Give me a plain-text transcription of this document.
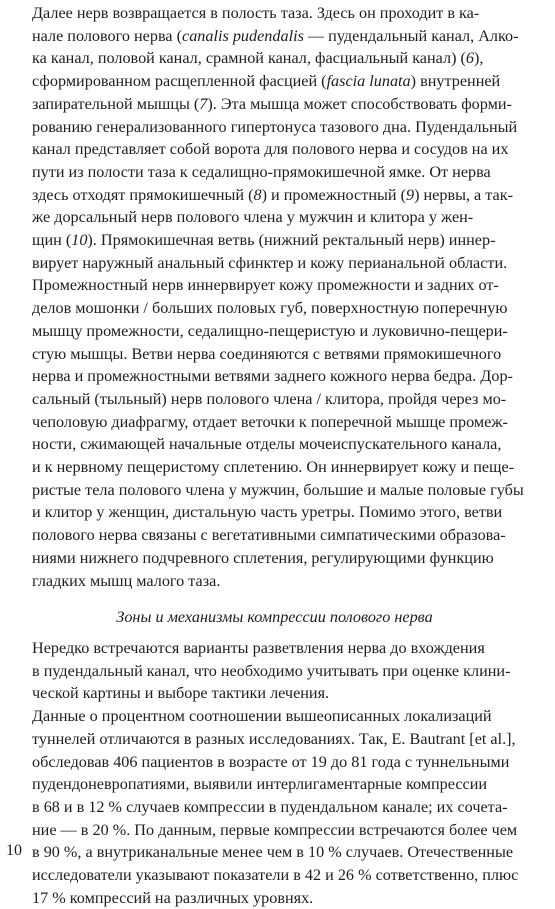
Далее нерв возвращается в полость таза. Здесь он проходит в ка-
нале полового нерва (canalis pudendalis — пудендальный канал, Алко-
ка канал, половой канал, срамной канал, фасциальный канал) (6),
сформированном расщепленной фасцией (fascia lunata) внутренней
запирательной мышцы (7). Эта мышца может способствовать форми-
рованию генерализованного гипертонуса тазового дна. Пудендальный
канал представляет собой ворота для полового нерва и сосудов на их
пути из полости таза к седалищно-прямокишечной ямке. От нерва
здесь отходят прямокишечный (8) и промежностный (9) нервы, а так-
же дорсальный нерв полового члена у мужчин и клитора у жен-
щин (10). Прямокишечная ветвь (нижний ректальный нерв) иннер-
вирует наружный анальный сфинктер и кожу перианальной области.
Промежностный нерв иннервирует кожу промежности и задних от-
делов мошонки / больших половых губ, поверхностную поперечную
мышцу промежности, седалищно-пещеристую и луковично-пещери-
стую мышцы. Ветви нерва соединяются с ветвями прямокишечного
нерва и промежностными ветвями заднего кожного нерва бедра. Дор-
сальный (тыльный) нерв полового члена / клитора, пройдя через мо-
чеполовую диафрагму, отдает веточки к поперечной мышце промеж-
ности, сжимающей начальные отделы мочеиспускательного канала,
и к нервному пещеристому сплетению. Он иннервирует кожу и пеще-
ристые тела полового члена у мужчин, большие и малые половые губы
и клитор у женщин, дистальную часть уретры. Помимо этого, ветви
полового нерва связаны с вегетативными симпатическими образова-
ниями нижнего подчревного сплетения, регулирующими функцию
гладких мышц малого таза.

Зоны и механизмы компрессии полового нерва

Нередко встречаются варианты разветвления нерва до вхождения
в пудендальный канал, что необходимо учитывать при оценке клини-
ческой картины и выборе тактики лечения.

Данные о процентном соотношении вышеописанных локализаций
туннелей отличаются в разных исследованиях. Так, E. Bautrant [et al.],
обследовав 406 пациентов в возрасте от 19 до 81 года с туннельными
пудендоневропатиями, выявили интерлигаментарные компрессии
в 68 и в 12 % случаев компрессии в пудендальном канале; их сочета-
ние — в 20 %. По данным, первые компрессии встречаются более чем
в 90 %, а внутриканальные менее чем в 10 % случаев. Отечественные
исследователи указывают показатели в 42 и 26 % сответственно, плюс
17 % компрессий на различных уровнях.

10
